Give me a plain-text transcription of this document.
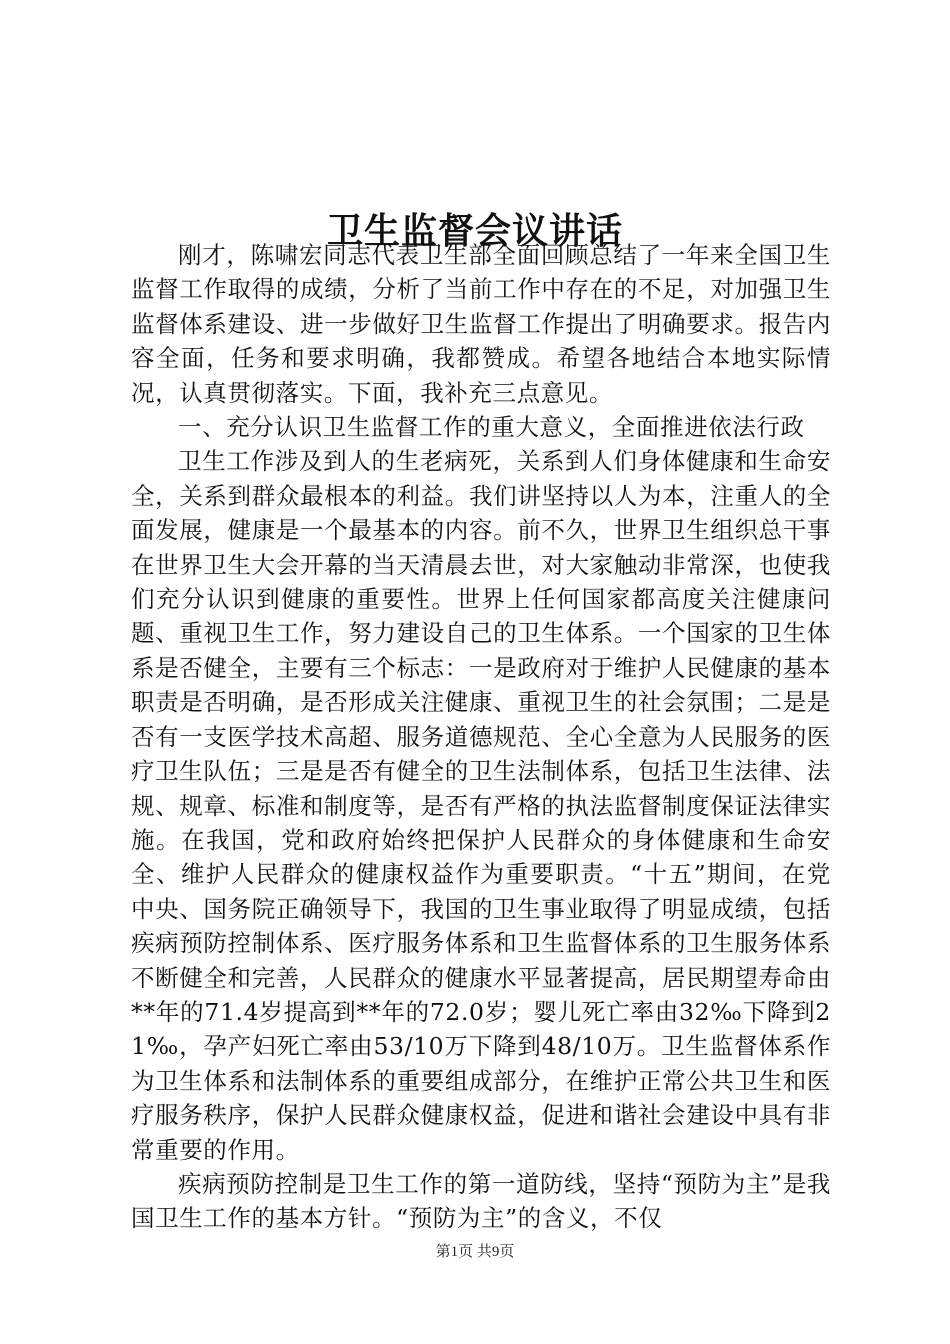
卫生监督会议讲话

刚才，陈啸宏同志代表卫生部全面回顾总结了一年来全国卫生监督工作取得的成绩，分析了当前工作中存在的不足，对加强卫生监督体系建设、进一步做好卫生监督工作提出了明确要求。报告内容全面，任务和要求明确，我都赞成。希望各地结合本地实际情况，认真贯彻落实。下面，我补充三点意见。

一、充分认识卫生监督工作的重大意义，全面推进依法行政

卫生工作涉及到人的生老病死，关系到人们身体健康和生命安全，关系到群众最根本的利益。我们讲坚持以人为本，注重人的全面发展，健康是一个最基本的内容。前不久，世界卫生组织总干事在世界卫生大会开幕的当天清晨去世，对大家触动非常深，也使我们充分认识到健康的重要性。世界上任何国家都高度关注健康问题、重视卫生工作，努力建设自己的卫生体系。一个国家的卫生体系是否健全，主要有三个标志：一是政府对于维护人民健康的基本职责是否明确，是否形成关注健康、重视卫生的社会氛围；二是是否有一支医学技术高超、服务道德规范、全心全意为人民服务的医疗卫生队伍；三是是否有健全的卫生法制体系，包括卫生法律、法规、规章、标准和制度等，是否有严格的执法监督制度保证法律实施。在我国，党和政府始终把保护人民群众的身体健康和生命安全、维护人民群众的健康权益作为重要职责。“十五”期间，在党中央、国务院正确领导下，我国的卫生事业取得了明显成绩，包括疾病预防控制体系、医疗服务体系和卫生监督体系的卫生服务体系不断健全和完善，人民群众的健康水平显著提高，居民期望寿命由**年的71.4岁提高到**年的72.0岁；婴儿死亡率由32‰下降到21‰，孕产妇死亡率由53/10万下降到48/10万。卫生监督体系作为卫生体系和法制体系的重要组成部分，在维护正常公共卫生和医疗服务秩序，保护人民群众健康权益，促进和谐社会建设中具有非常重要的作用。

疾病预防控制是卫生工作的第一道防线，坚持“预防为主”是我国卫生工作的基本方针。“预防为主”的含义，不仅

第1页 共9页
